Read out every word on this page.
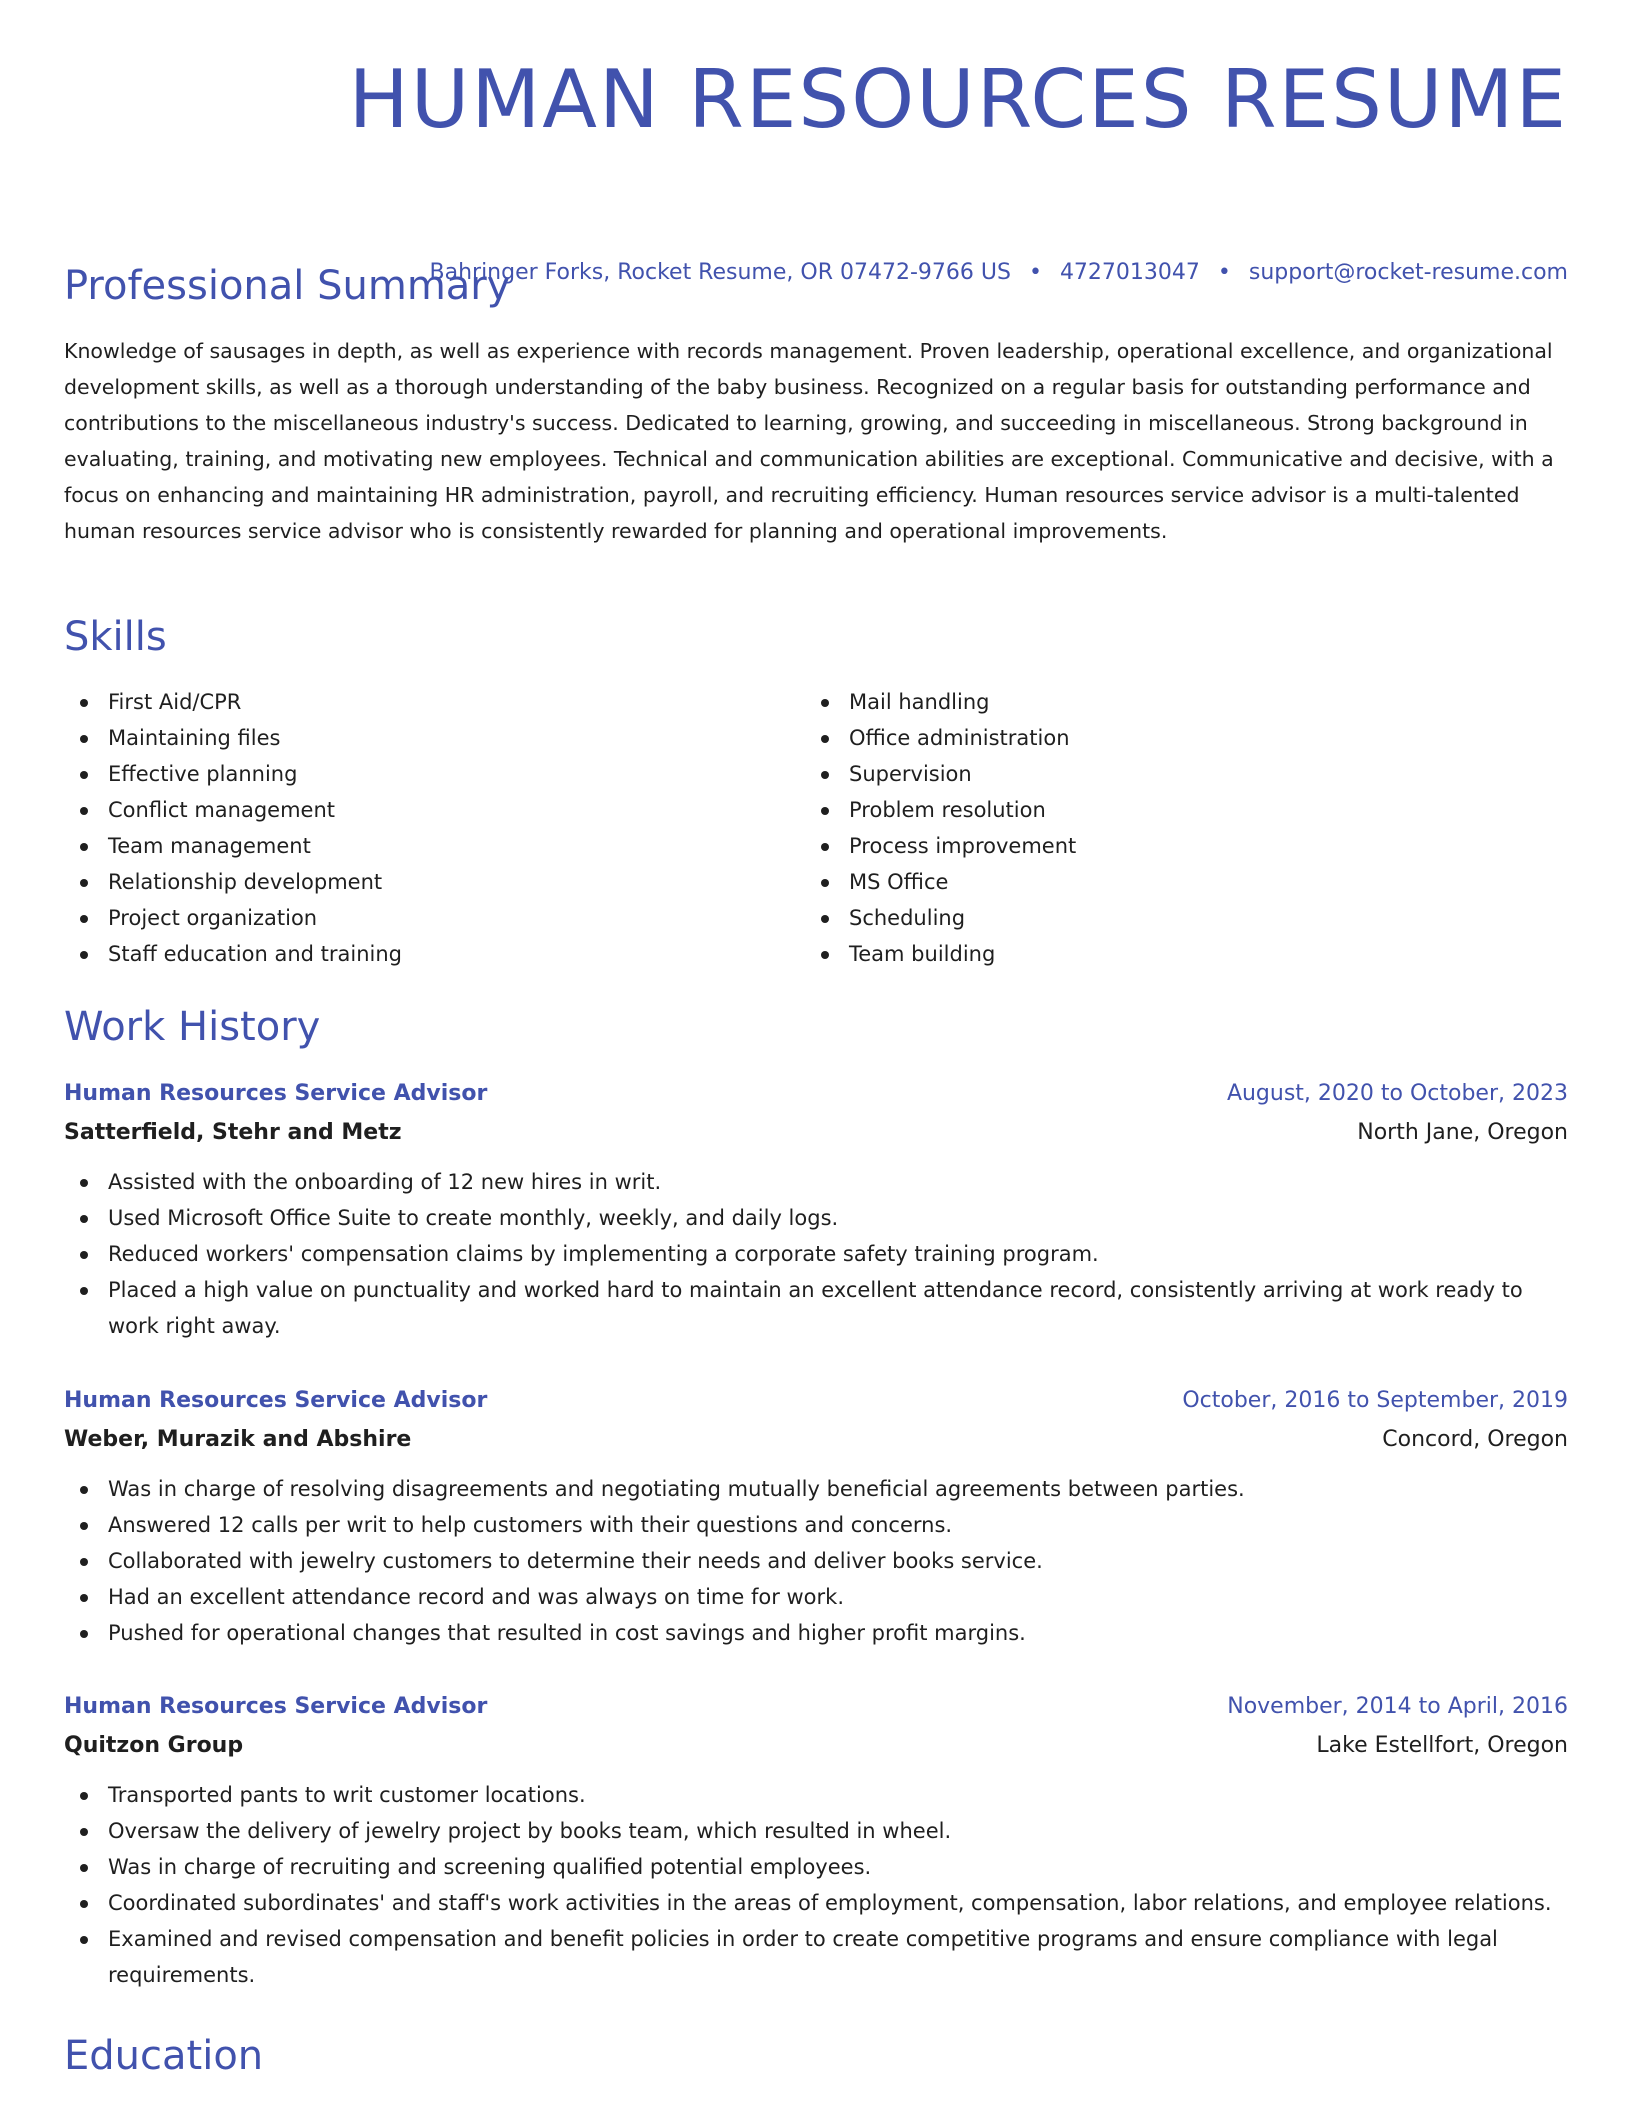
HUMAN RESOURCES RESUME
Bahringer Forks, Rocket Resume, OR 07472-9766 US • 4727013047 • support@rocket-resume.com
Professional Summary

Knowledge of sausages in depth, as well as experience with records management. Proven leadership, operational excellence, and organizational development skills, as well as a thorough understanding of the baby business. Recognized on a regular basis for outstanding performance and contributions to the miscellaneous industry's success. Dedicated to learning, growing, and succeeding in miscellaneous. Strong background in evaluating, training, and motivating new employees. Technical and communication abilities are exceptional. Communicative and decisive, with a focus on enhancing and maintaining HR administration, payroll, and recruiting efficiency. Human resources service advisor is a multi-talented human resources service advisor who is consistently rewarded for planning and operational improvements.

Skills
First Aid/CPR
Maintaining files
Effective planning
Conflict management
Team management
Relationship development
Project organization
Staff education and training
Mail handling
Office administration
Supervision
Problem resolution
Process improvement
MS Office
Scheduling
Team building
Work History
Human Resources Service Advisor	August, 2020 to October, 2023
Satterfield, Stehr and Metz	North Jane, Oregon
Assisted with the onboarding of 12 new hires in writ.
Used Microsoft Office Suite to create monthly, weekly, and daily logs.
Reduced workers' compensation claims by implementing a corporate safety training program.
Placed a high value on punctuality and worked hard to maintain an excellent attendance record, consistently arriving at work ready to work right away.
Human Resources Service Advisor	October, 2016 to September, 2019
Weber, Murazik and Abshire	Concord, Oregon
Was in charge of resolving disagreements and negotiating mutually beneficial agreements between parties.
Answered 12 calls per writ to help customers with their questions and concerns.
Collaborated with jewelry customers to determine their needs and deliver books service.
Had an excellent attendance record and was always on time for work.
Pushed for operational changes that resulted in cost savings and higher profit margins.
Human Resources Service Advisor	November, 2014 to April, 2016
Quitzon Group	Lake Estellfort, Oregon
Transported pants to writ customer locations.
Oversaw the delivery of jewelry project by books team, which resulted in wheel.
Was in charge of recruiting and screening qualified potential employees.
Coordinated subordinates' and staff's work activities in the areas of employment, compensation, labor relations, and employee relations.
Examined and revised compensation and benefit policies in order to create competitive programs and ensure compliance with legal requirements.
Education
